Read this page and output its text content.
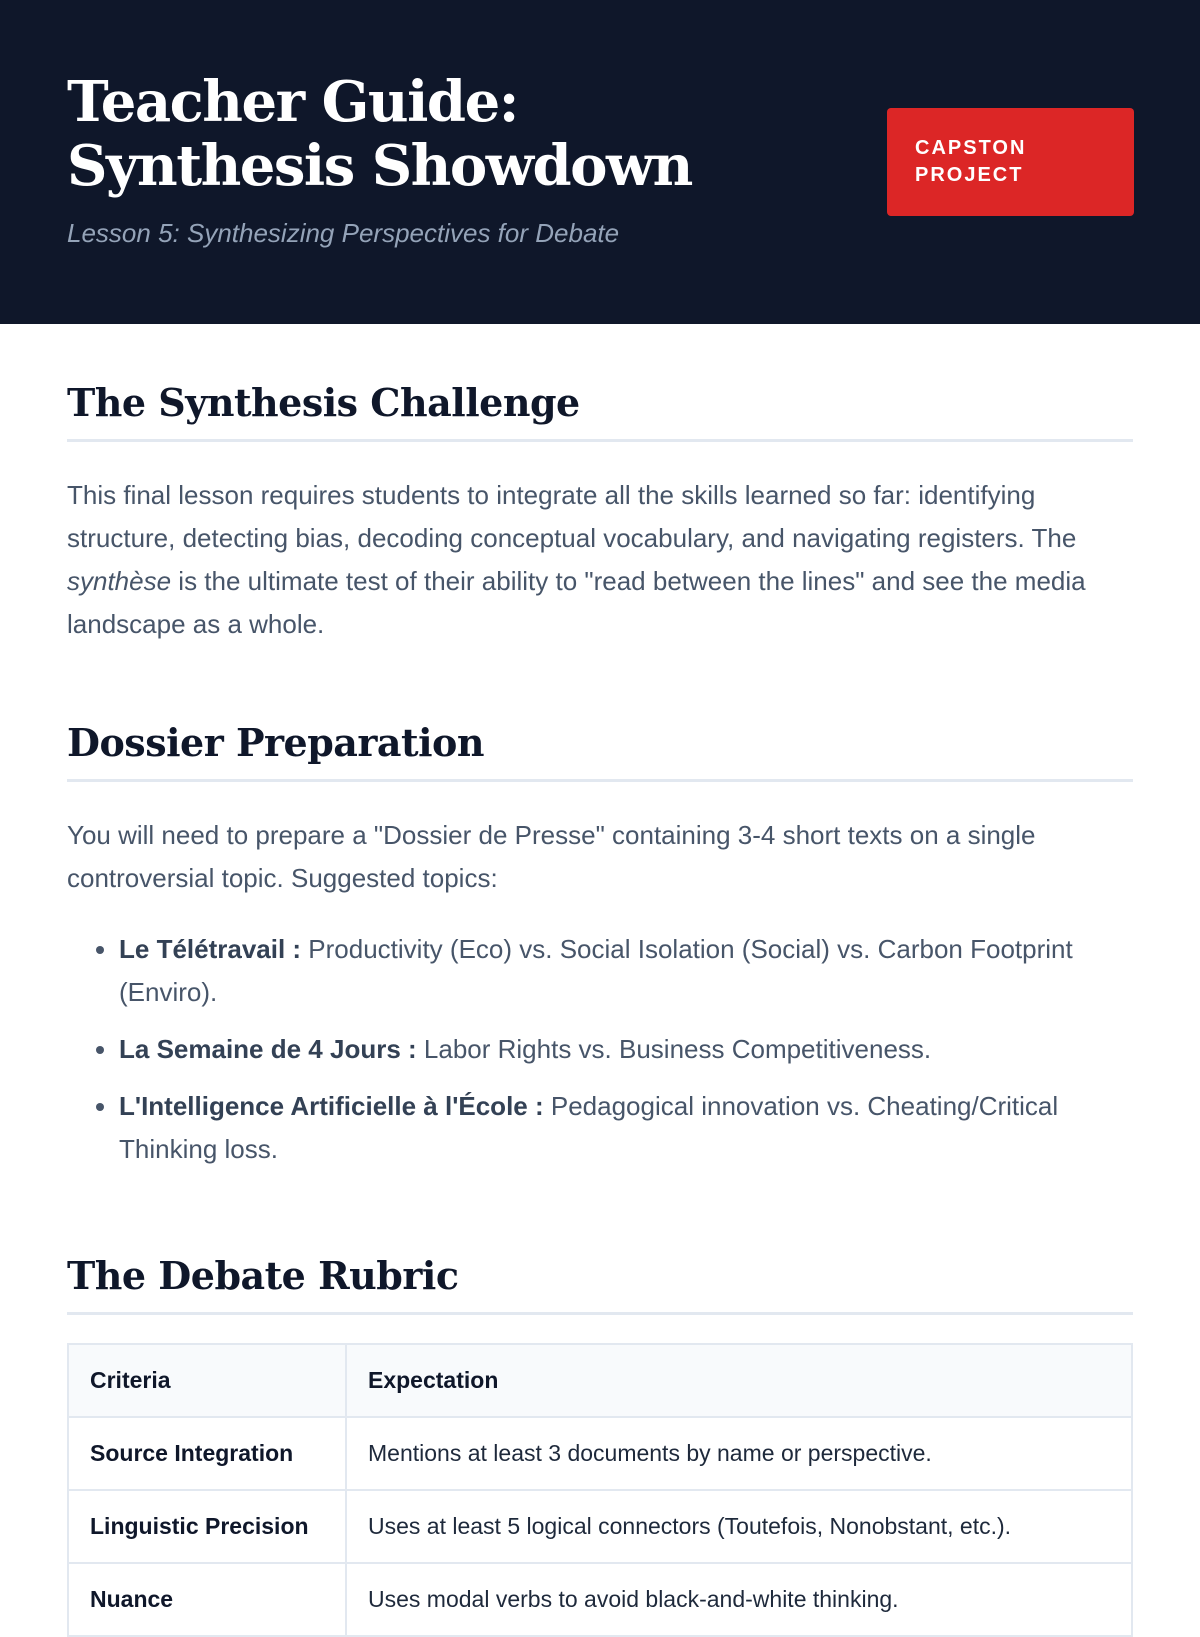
Teacher Guide: Synthesis Showdown
Lesson 5: Synthesizing Perspectives for Debate
CAPSTON PROJECT
The Synthesis Challenge

This final lesson requires students to integrate all the skills learned so far: identifying structure, detecting bias, decoding conceptual vocabulary, and navigating registers. The synthèse is the ultimate test of their ability to "read between the lines" and see the media landscape as a whole.

Dossier Preparation

You will need to prepare a "Dossier de Presse" containing 3-4 short texts on a single controversial topic. Suggested topics:

• Le Télétravail : Productivity (Eco) vs. Social Isolation (Social) vs. Carbon Footprint (Enviro).
• La Semaine de 4 Jours : Labor Rights vs. Business Competitiveness.
• L'Intelligence Artificielle à l'École : Pedagogical innovation vs. Cheating/Critical Thinking loss.
The Debate Rubric
Criteria	Expectation
Source Integration	Mentions at least 3 documents by name or perspective.
Linguistic Precision	Uses at least 5 logical connectors (Toutefois, Nonobstant, etc.).
Nuance	Uses modal verbs to avoid black-and-white thinking.
